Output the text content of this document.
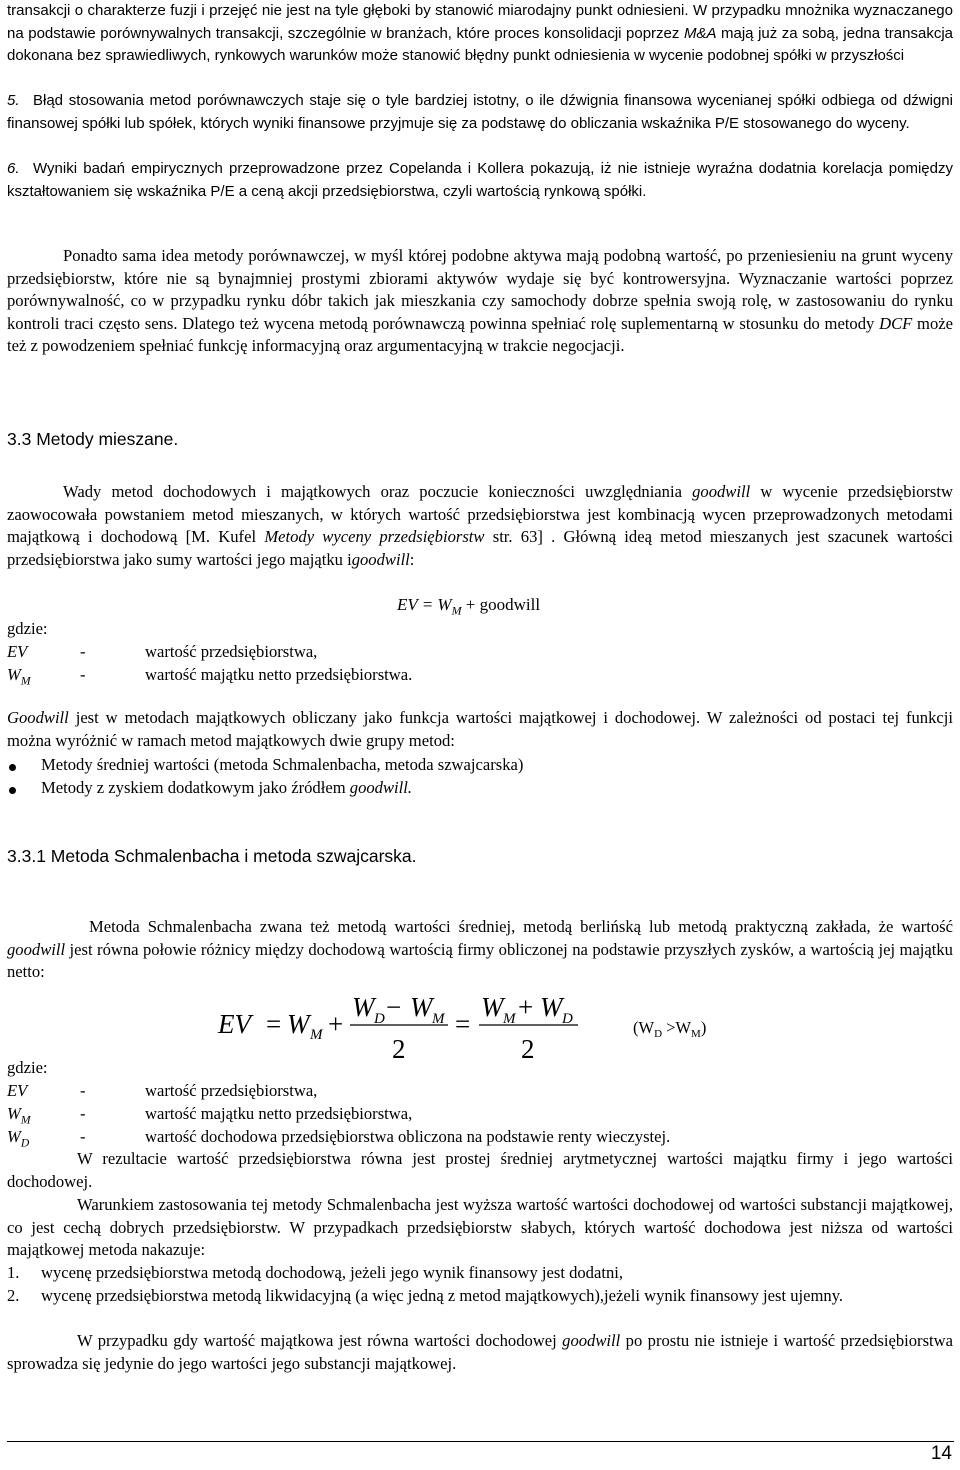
transakcji o charakterze fuzji i przejęć nie jest na tyle głęboki by stanowić miarodajny punkt odniesieni. W przypadku mnożnika wyznaczanego na podstawie porównywalnych transakcji, szczególnie w branżach, które proces konsolidacji poprzez M&A mają już za sobą, jedna transakcja dokonana bez sprawiedliwych, rynkowych warunków może stanowić błędny punkt odniesienia w wycenie podobnej spółki w przyszłości
5. Błąd stosowania metod porównawczych staje się o tyle bardziej istotny, o ile dźwignia finansowa wycenianej spółki odbiega od dźwigni finansowej spółki lub spółek, których wyniki finansowe przyjmuje się za podstawę do obliczania wskaźnika P/E stosowanego do wyceny.
6. Wyniki badań empirycznych przeprowadzone przez Copelanda i Kollera pokazują, iż nie istnieje wyraźna dodatnia korelacja pomiędzy kształtowaniem się wskaźnika P/E a ceną akcji przedsiębiorstwa, czyli wartością rynkową spółki.
Ponadto sama idea metody porównawczej, w myśl której podobne aktywa mają podobną wartość, po przeniesieniu na grunt wyceny przedsiębiorstw, które nie są bynajmniej prostymi zbiorami aktywów wydaje się być kontrowersyjna. Wyznaczanie wartości poprzez porównywalność, co w przypadku rynku dóbr takich jak mieszkania czy samochody dobrze spełnia swoją rolę, w zastosowaniu do rynku kontroli traci często sens. Dlatego też wycena metodą porównawczą powinna spełniać rolę suplementarną w stosunku do metody DCF może też z powodzeniem spełniać funkcję informacyjną oraz argumentacyjną w trakcie negocjacji.
3.3 Metody mieszane.
Wady metod dochodowych i majątkowych oraz poczucie konieczności uwzględniania goodwill w wycenie przedsiębiorstw zaowocowała powstaniem metod mieszanych, w których wartość przedsiębiorstwa jest kombinacją wycen przeprowadzonych metodami majątkową i dochodową [M. Kufel Metody wyceny przedsiębiorstw str. 63] . Główną ideą metod mieszanych jest szacunek wartości przedsiębiorstwa jako sumy wartości jego majątku igoodwill:
EV = $W_M$ + goodwill
gdzie:
EV	-	wartość przedsiębiorstwa,
$W_M$	-	wartość majątku netto przedsiębiorstwa.
Goodwill jest w metodach majątkowych obliczany jako funkcja wartości majątkowej i dochodowej. W zależności od postaci tej funkcji można wyróżnić w ramach metod majątkowych dwie grupy metod:
Metody średniej wartości (metoda Schmalenbacha, metoda szwajcarska)
Metody z zyskiem dodatkowym jako źródłem goodwill.
3.3.1 Metoda Schmalenbacha i metoda szwajcarska.
Metoda Schmalenbacha zwana też metodą wartości średniej, metodą berlińską lub metodą praktyczną zakłada, że wartość goodwill jest równa połowie różnicy między dochodową wartością firmy obliczonej na podstawie przyszłych zysków, a wartością jej majątku netto:
EV = W M +
W D − W M
2
=
W M + W D
2
$(W_D >W_M)$
gdzie:
EV	-	wartość przedsiębiorstwa,
$W_M$	-	wartość majątku netto przedsiębiorstwa,
$W_D$	-	wartość dochodowa przedsiębiorstwa obliczona na podstawie renty wieczystej.
W rezultacie wartość przedsiębiorstwa równa jest prostej średniej arytmetycznej wartości majątku firmy i jego wartości dochodowej.
Warunkiem zastosowania tej metody Schmalenbacha jest wyższa wartość wartości dochodowej od wartości substancji majątkowej, co jest cechą dobrych przedsiębiorstw. W przypadkach przedsiębiorstw słabych, których wartość dochodowa jest niższa od wartości majątkowej metoda nakazuje:
1. wycenę przedsiębiorstwa metodą dochodową, jeżeli jego wynik finansowy jest dodatni,
2. wycenę przedsiębiorstwa metodą likwidacyjną (a więc jedną z metod majątkowych),jeżeli wynik finansowy jest ujemny.
W przypadku gdy wartość majątkowa jest równa wartości dochodowej goodwill po prostu nie istnieje i wartość przedsiębiorstwa sprowadza się jedynie do jego wartości jego substancji majątkowej.
14
